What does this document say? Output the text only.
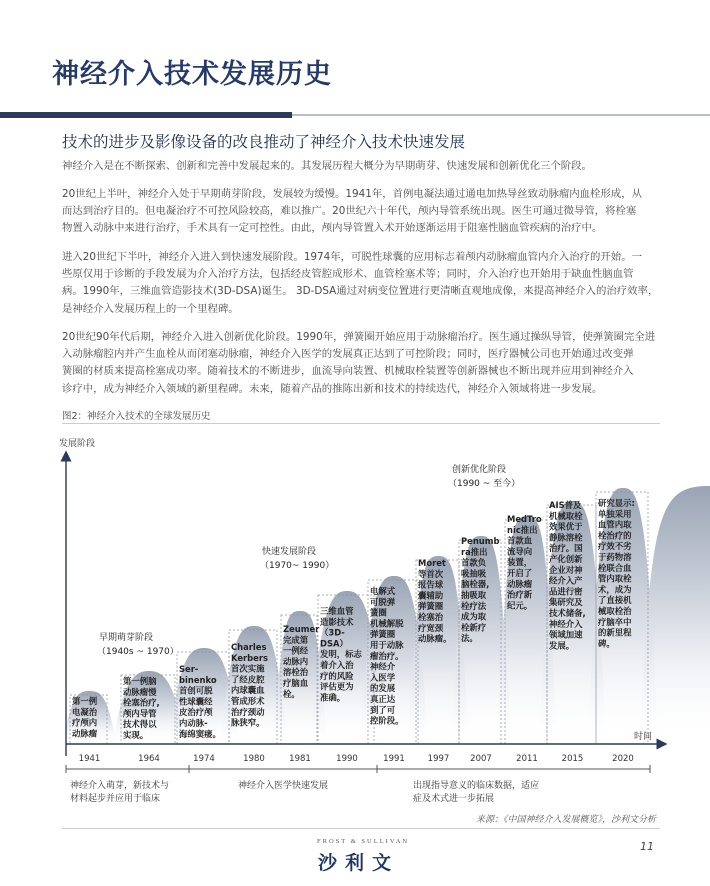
神经介入技术发展历史
技术的进步及影像设备的改良推动了神经介入技术快速发展
神经介入是在不断探索、创新和完善中发展起来的。其发展历程大概分为早期萌芽、快速发展和创新优化三个阶段。
20世纪上半叶，神经介入处于早期萌芽阶段，发展较为缓慢。1941年，首例电凝法通过通电加热导丝致动脉瘤内血栓形成，从
而达到治疗目的。但电凝治疗不可控风险较高，难以推广。20世纪六十年代，颅内导管系统出现。医生可通过微导管，将栓塞
物置入动脉中来进行治疗，手术具有一定可控性。由此，颅内导管置入术开始逐渐运用于阻塞性脑血管疾病的治疗中。
进入20世纪下半叶，神经介入进入到快速发展阶段。1974年，可脱性球囊的应用标志着颅内动脉瘤血管内介入治疗的开始。一
些原仅用于诊断的手段发展为介入治疗方法，包括经皮管腔成形术、血管栓塞术等；同时，介入治疗也开始用于缺血性脑血管
病。1990年，三维血管造影技术(3D-DSA)诞生。 3D-DSA通过对病变位置进行更清晰直观地成像，来提高神经介入的治疗效率，
是神经介入发展历程上的一个里程碑。
20世纪90年代后期，神经介入进入创新优化阶段。1990年，弹簧圈开始应用于动脉瘤治疗。医生通过操纵导管，使弹簧圈完全进
入动脉瘤腔内并产生血栓从而闭塞动脉瘤，神经介入医学的发展真正达到了可控阶段；同时，医疗器械公司也开始通过改变弹
簧圈的材质来提高栓塞成功率。随着技术的不断进步，血流导向装置、机械取栓装置等创新器械也不断出现并应用到神经介入
诊疗中，成为神经介入领域的新里程碑。未来，随着产品的推陈出新和技术的持续迭代，神经介入领域将进一步发展。
图2：神经介入技术的全球发展历史
发展阶段
时间
早期萌芽阶段
（1940s ~ 1970）
快速发展阶段
（1970~ 1990）
创新优化阶段
（1990 ~ 至今）
第一例电凝治疗颅内动脉瘤
第一例脑动脉瘤慢栓塞治疗,颅内导管技术得以实现。
Ser-binenko 首创可脱性球囊经皮治疗颅内动脉-海绵窦瘘。
Charles Kerbers 首次实施了经皮腔内球囊血管成形术治疗颈动脉狭窄。
Zeumer 完成第一例经动脉内溶栓治疗脑血栓。
三维血管造影技术（3D-DSA）发明，标志着介入治疗的风险评估更为准确。
电解式可脱弹簧圈机械解脱弹簧圈用于动脉瘤治疗。神经介入医学的发展真正达到了可控阶段。
Moret 等首次报告球囊辅助弹簧圈栓塞治疗宽颈动脉瘤。
Penumb ra推出首款负吸抽吸脑栓器,抽吸取栓疗法成为取栓新疗法。
MedTro nic推出首款血流导向装置，开启了动脉瘤治疗新纪元。
AIS普及机械取栓效果优于静脉溶栓治疗。国产化创新企业对神经介入产品进行密集研究及技术储备,神经介入领域加速发展。
研究显示:单独采用血管内取栓治疗的疗效不劣于药物溶栓联合血管内取栓术，成为了直接机械取栓治疗脑卒中的新里程碑。
1941	1964	1974	1980	1981	1990	1991	1997 2007	2011	2015	2020
神经介入萌芽，新技术与
材料起步并应用于临床
神经介入医学快速发展	出现指导意义的临床数据，适应
症及术式进一步拓展
来源：《中国神经介入发展概览》，沙利文分析
FROST & SULLIVAN
沙利文
11
